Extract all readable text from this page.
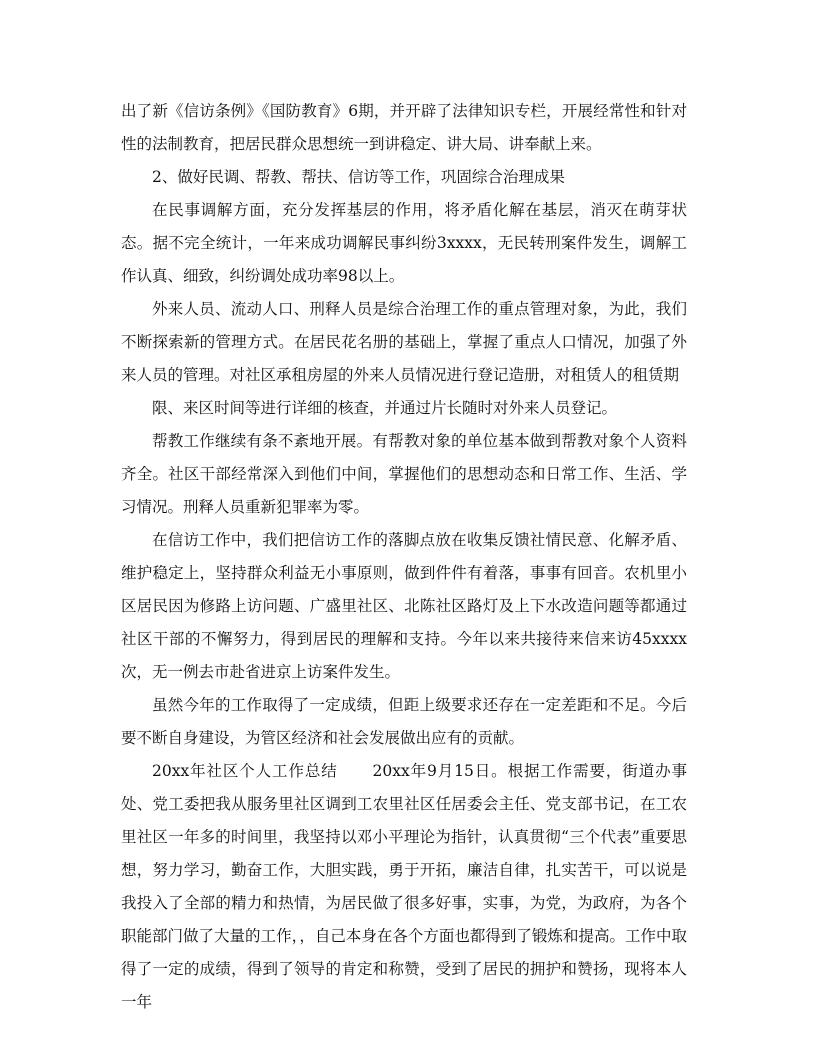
出了新《信访条例》《国防教育》6期，并开辟了法律知识专栏，开展经常性和针对性的法制教育，把居民群众思想统一到讲稳定、讲大局、讲奉献上来。

2、做好民调、帮教、帮扶、信访等工作，巩固综合治理成果

在民事调解方面，充分发挥基层的作用，将矛盾化解在基层，消灭在萌芽状态。据不完全统计，一年来成功调解民事纠纷3xxxx，无民转刑案件发生，调解工作认真、细致，纠纷调处成功率98以上。

外来人员、流动人口、刑释人员是综合治理工作的重点管理对象，为此，我们不断探索新的管理方式。在居民花名册的基础上，掌握了重点人口情况，加强了外来人员的管理。对社区承租房屋的外来人员情况进行登记造册，对租赁人的租赁期

限、来区时间等进行详细的核查，并通过片长随时对外来人员登记。

帮教工作继续有条不紊地开展。有帮教对象的单位基本做到帮教对象个人资料齐全。社区干部经常深入到他们中间，掌握他们的思想动态和日常工作、生活、学习情况。刑释人员重新犯罪率为零。

在信访工作中，我们把信访工作的落脚点放在收集反馈社情民意、化解矛盾、维护稳定上，坚持群众利益无小事原则，做到件件有着落，事事有回音。农机里小区居民因为修路上访问题、广盛里社区、北陈社区路灯及上下水改造问题等都通过社区干部的不懈努力，得到居民的理解和支持。今年以来共接待来信来访45xxxx次，无一例去市赴省进京上访案件发生。

虽然今年的工作取得了一定成绩，但距上级要求还存在一定差距和不足。今后要不断自身建设，为管区经济和社会发展做出应有的贡献。

20xx年社区个人工作总结      20xx年9月15日。根据工作需要，街道办事处、党工委把我从服务里社区调到工农里社区任居委会主任、党支部书记，在工农里社区一年多的时间里，我坚持以邓小平理论为指针，认真贯彻“三个代表”重要思想，努力学习，勤奋工作，大胆实践，勇于开拓，廉洁自律，扎实苦干，可以说是我投入了全部的精力和热情，为居民做了很多好事，实事，为党，为政府，为各个职能部门做了大量的工作，，自己本身在各个方面也都得到了锻炼和提高。工作中取得了一定的成绩，得到了领导的肯定和称赞，受到了居民的拥护和赞扬，现将本人一年
